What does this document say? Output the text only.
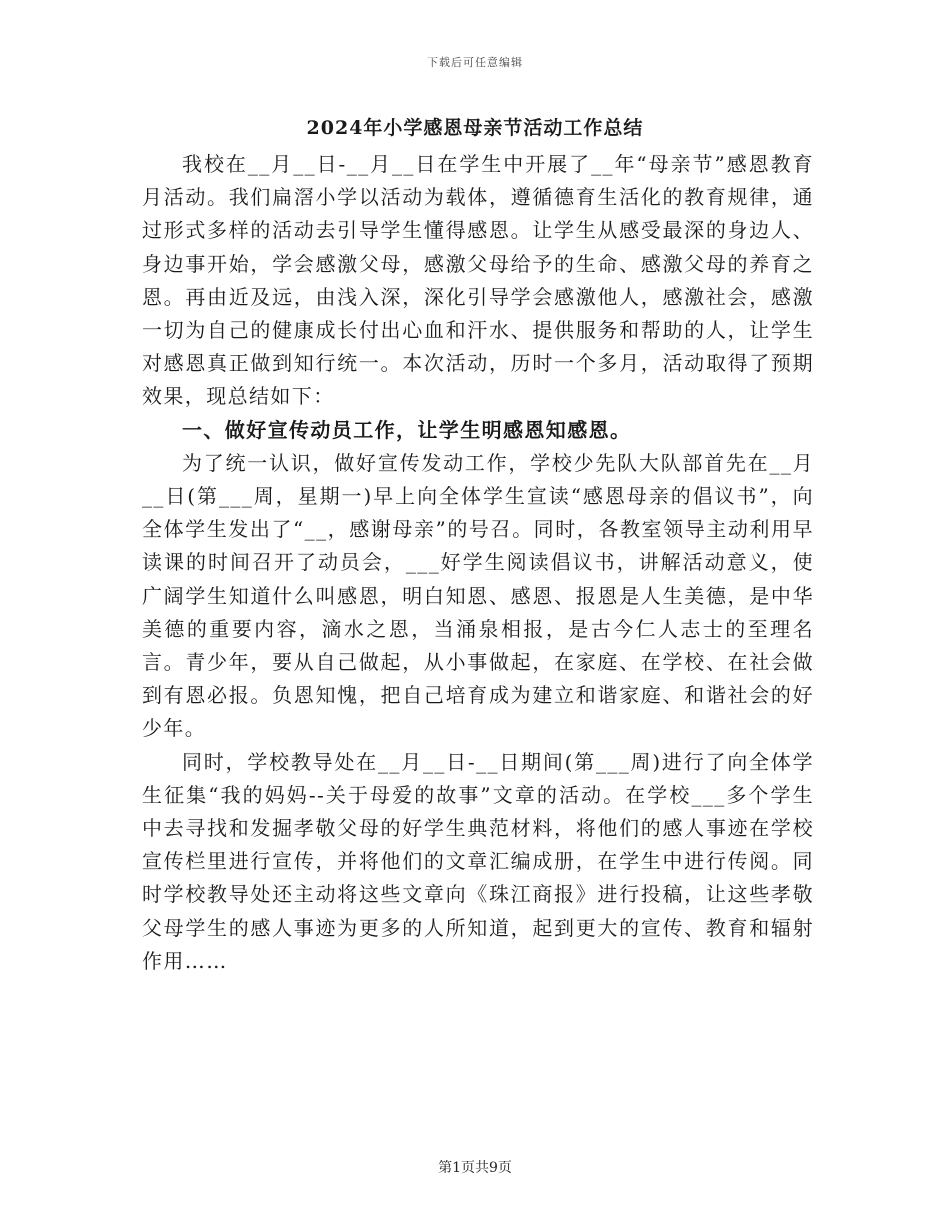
下载后可任意编辑
2024年小学感恩母亲节活动工作总结

我校在__月__日-__月__日在学生中开展了__年“母亲节”感恩教育月活动。我们扁滘小学以活动为载体，遵循德育生活化的教育规律，通过形式多样的活动去引导学生懂得感恩。让学生从感受最深的身边人、身边事开始，学会感激父母，感激父母给予的生命、感激父母的养育之恩。再由近及远，由浅入深，深化引导学会感激他人，感激社会，感激一切为自己的健康成长付出心血和汗水、提供服务和帮助的人，让学生对感恩真正做到知行统一。本次活动，历时一个多月，活动取得了预期效果，现总结如下：

一、做好宣传动员工作，让学生明感恩知感恩。

为了统一认识，做好宣传发动工作，学校少先队大队部首先在__月__日(第___周，星期一)早上向全体学生宣读“感恩母亲的倡议书”，向全体学生发出了“__，感谢母亲”的号召。同时，各教室领导主动利用早读课的时间召开了动员会，___好学生阅读倡议书，讲解活动意义，使广阔学生知道什么叫感恩，明白知恩、感恩、报恩是人生美德，是中华美德的重要内容，滴水之恩，当涌泉相报，是古今仁人志士的至理名言。青少年，要从自己做起，从小事做起，在家庭、在学校、在社会做到有恩必报。负恩知愧，把自己培育成为建立和谐家庭、和谐社会的好少年。

同时，学校教导处在__月__日-__日期间(第___周)进行了向全体学生征集“我的妈妈--关于母爱的故事”文章的活动。在学校___多个学生中去寻找和发掘孝敬父母的好学生典范材料，将他们的感人事迹在学校宣传栏里进行宣传，并将他们的文章汇编成册，在学生中进行传阅。同时学校教导处还主动将这些文章向《珠江商报》进行投稿，让这些孝敬父母学生的感人事迹为更多的人所知道，起到更大的宣传、教育和辐射作用……

第1页共9页
